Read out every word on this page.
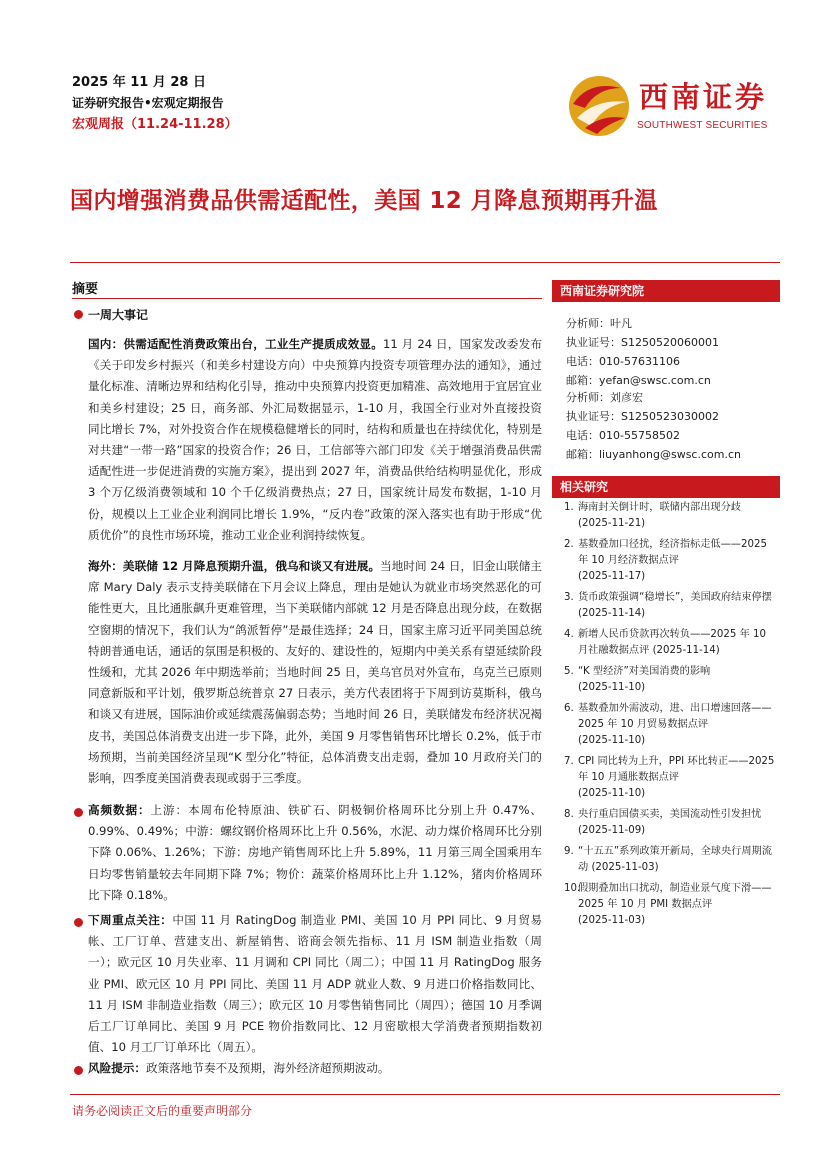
2025 年 11 月 28 日
证券研究报告•宏观定期报告
宏观周报（11.24-11.28）
西南证券
SOUTHWEST SECURITIES
国内增强消费品供需适配性，美国 12 月降息预期再升温
摘要
一周大事记
国内：供需适配性消费政策出台，工业生产提质成效显。11 月 24 日，国家发改委发布《关于印发乡村振兴（和美乡村建设方向）中央预算内投资专项管理办法的通知》，通过量化标准、清晰边界和结构化引导，推动中央预算内投资更加精准、高效地用于宜居宜业和美乡村建设；25 日，商务部、外汇局数据显示，1-10 月，我国全行业对外直接投资同比增长 7%，对外投资合作在规模稳健增长的同时，结构和质量也在持续优化，特别是对共建“一带一路”国家的投资合作；26 日，工信部等六部门印发《关于增强消费品供需适配性进一步促进消费的实施方案》，提出到 2027 年，消费品供给结构明显优化，形成 3 个万亿级消费领域和 10 个千亿级消费热点；27 日，国家统计局发布数据，1-10 月份，规模以上工业企业利润同比增长 1.9%，“反内卷”政策的深入落实也有助于形成“优质优价”的良性市场环境，推动工业企业利润持续恢复。
海外：美联储 12 月降息预期升温，俄乌和谈又有进展。当地时间 24 日，旧金山联储主席 Mary Daly 表示支持美联储在下月会议上降息，理由是她认为就业市场突然恶化的可能性更大，且比通胀飙升更难管理，当下美联储内部就 12 月是否降息出现分歧，在数据空窗期的情况下，我们认为“鸽派暂停”是最佳选择；24 日，国家主席习近平同美国总统特朗普通电话，通话的氛围是积极的、友好的、建设性的，短期内中美关系有望延续阶段性缓和，尤其 2026 年中期选举前；当地时间 25 日，美乌官员对外宣布，乌克兰已原则同意新版和平计划，俄罗斯总统普京 27 日表示，美方代表团将于下周到访莫斯科，俄乌和谈又有进展，国际油价或延续震荡偏弱态势；当地时间 26 日，美联储发布经济状况褐皮书，美国总体消费支出进一步下降，此外，美国 9 月零售销售环比增长 0.2%，低于市场预期，当前美国经济呈现“K 型分化”特征，总体消费支出走弱，叠加 10 月政府关门的影响，四季度美国消费表现或弱于三季度。
高频数据：上游：本周布伦特原油、铁矿石、阴极铜价格周环比分别上升 0.47%、0.99%、0.49%；中游：螺纹钢价格周环比上升 0.56%，水泥、动力煤价格周环比分别下降 0.06%、1.26%；下游：房地产销售周环比上升 5.89%，11 月第三周全国乘用车日均零售销量较去年同期下降 7%；物价：蔬菜价格周环比上升 1.12%，猪肉价格周环比下降 0.18%。
下周重点关注：中国 11 月 RatingDog 制造业 PMI、美国 10 月 PPI 同比、9 月贸易帐、工厂订单、营建支出、新屋销售、谘商会领先指标、11 月 ISM 制造业指数（周一）；欧元区 10 月失业率、11 月调和 CPI 同比（周二）；中国 11 月 RatingDog 服务业 PMI、欧元区 10 月 PPI 同比、美国 11 月 ADP 就业人数、9 月进口价格指数同比、11 月 ISM 非制造业指数（周三）；欧元区 10 月零售销售同比（周四）；德国 10 月季调后工厂订单同比、美国 9 月 PCE 物价指数同比、12 月密歇根大学消费者预期指数初值、10 月工厂订单环比（周五）。
风险提示：政策落地节奏不及预期，海外经济超预期波动。
西南证券研究院
分析师：叶凡
执业证号：S1250520060001
电话：010-57631106
邮箱：yefan@swsc.com.cn
分析师：刘彦宏
执业证号：S1250523030002
电话：010-55758502
邮箱：liuyanhong@swsc.com.cn
相关研究
1. 海南封关倒计时，联储内部出现分歧
(2025-11-21)
2. 基数叠加口径扰，经济指标走低——2025 年 10 月经济数据点评
(2025-11-17)
3. 货币政策强调“稳增长”，美国政府结束停摆 (2025-11-14)
4. 新增人民币贷款再次转负——2025 年 10 月社融数据点评 (2025-11-14)
5. “K 型经济”对美国消费的影响
(2025-11-10)
6. 基数叠加外需波动，进、出口增速回落——2025 年 10 月贸易数据点评
(2025-11-10)
7. CPI 同比转为上升，PPI 环比转正——2025 年 10 月通胀数据点评
(2025-11-10)
8. 央行重启国债买卖，美国流动性引发担忧 (2025-11-09)
9. “十五五”系列政策开新局，全球央行周期流动 (2025-11-03)
10.
假期叠加出口扰动，制造业景气度下滑——2025 年 10 月 PMI 数据点评
(2025-11-03)
请务必阅读正文后的重要声明部分
